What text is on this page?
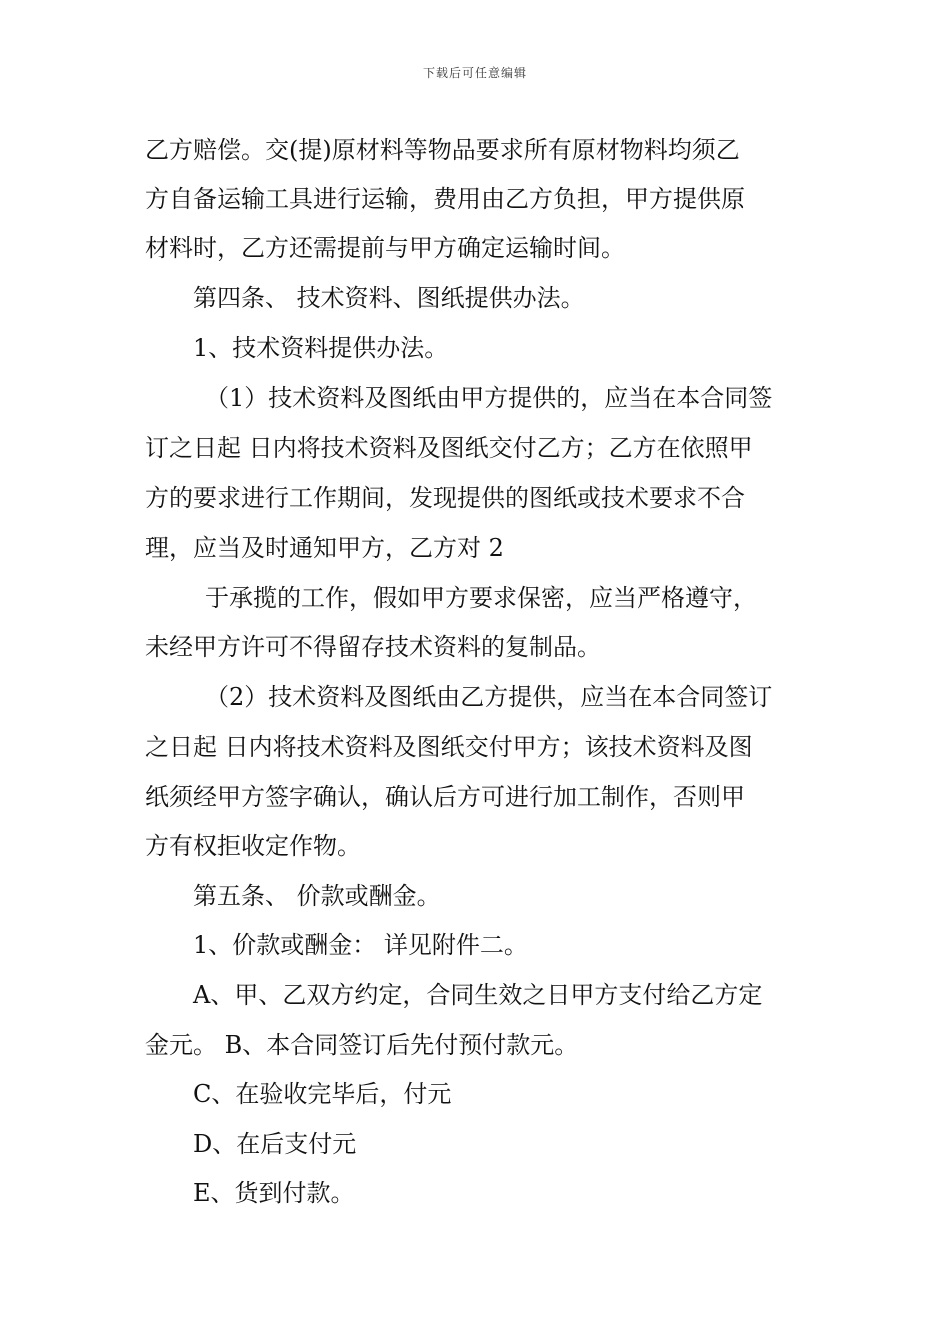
下载后可任意编辑
乙方赔偿。交(提)原材料等物品要求所有原材物料均须乙
方自备运输工具进行运输，费用由乙方负担，甲方提供原
材料时，乙方还需提前与甲方确定运输时间。
第四条、 技术资料、图纸提供办法。
1、技术资料提供办法。
（1）技术资料及图纸由甲方提供的，应当在本合同签
订之日起 日内将技术资料及图纸交付乙方；乙方在依照甲
方的要求进行工作期间，发现提供的图纸或技术要求不合
理，应当及时通知甲方，乙方对 2
于承揽的工作，假如甲方要求保密，应当严格遵守，
未经甲方许可不得留存技术资料的复制品。
（2）技术资料及图纸由乙方提供，应当在本合同签订
之日起 日内将技术资料及图纸交付甲方；该技术资料及图
纸须经甲方签字确认，确认后方可进行加工制作，否则甲
方有权拒收定作物。
第五条、 价款或酬金。
1、价款或酬金： 详见附件二。
A、甲、乙双方约定，合同生效之日甲方支付给乙方定
金元。 B、本合同签订后先付预付款元。
C、在验收完毕后，付元
D、在后支付元
E、货到付款。
